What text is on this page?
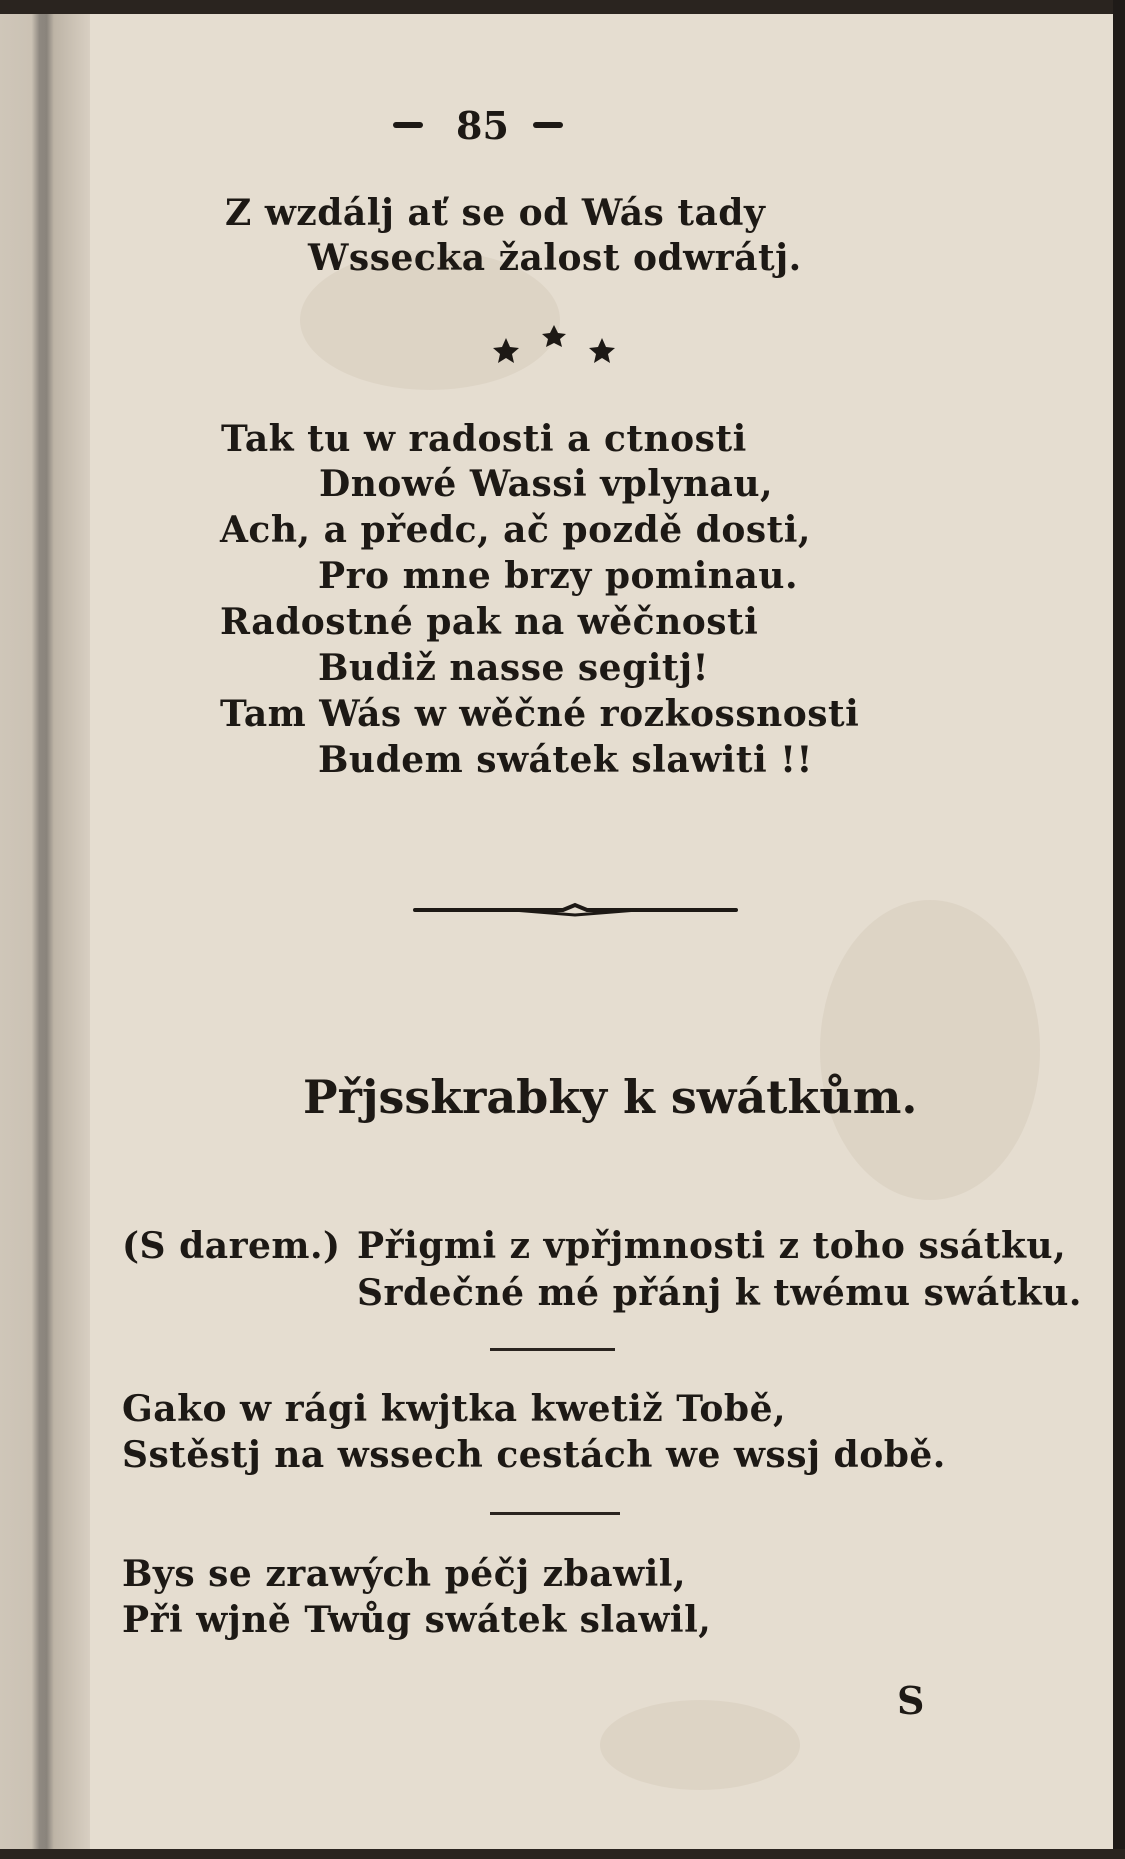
85

Z wzdálj ať se od Wás tady

Wssecka žalost odwrátj.

Tak tu w radosti a ctnosti

Dnowé Wassi vplynau,

Ach, a předc, ač pozdě dosti,

Pro mne brzy pominau.

Radostné pak na wěčnosti

Budiž nasse segitj!

Tam Wás w wěčné rozkossnosti

Budem swátek slawiti !!

Přjsskrabky k swátkům.

(S darem.) Přigmi z vpřjmnosti z toho ssátku,

Srdečné mé přánj k twému swátku.

Gako w rági kwjtka kwetiž Tobě,

Sstěstj na wssech cestách we wssj době.

Bys se zrawých péčj zbawil,

Při wjně Twůg swátek slawil,

S
